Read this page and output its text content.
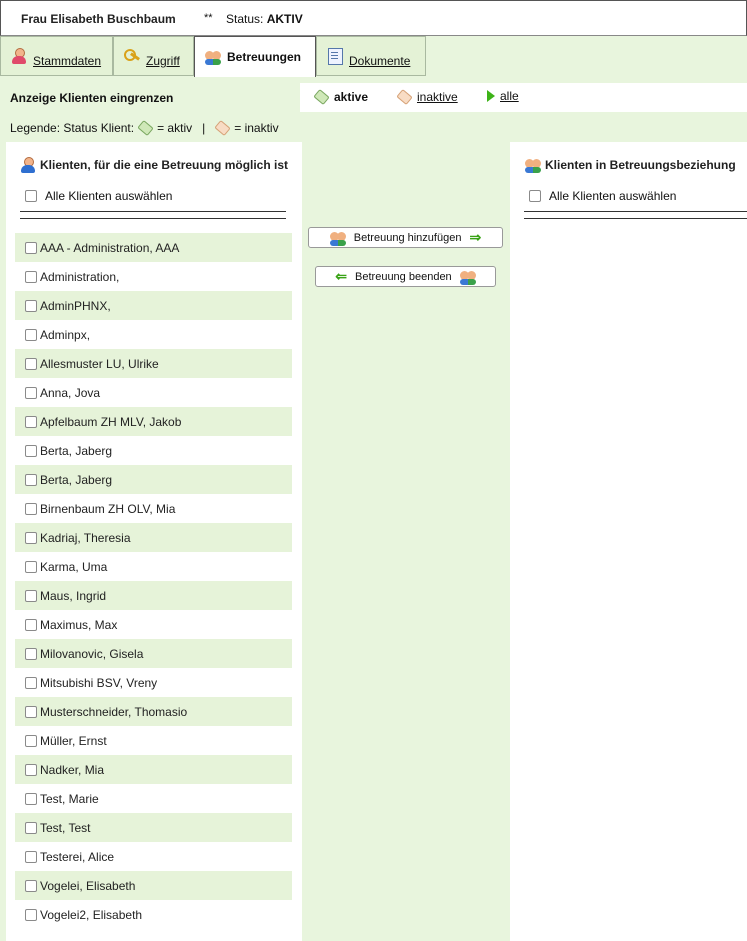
Frau Elisabeth Buschbaum	** Status: AKTIV
Stammdaten	Zugriff	Betreuungen	Dokumente
Anzeige Klienten eingrenzen	aktive	inaktive	alle
Legende: Status Klient: = aktiv | = inaktiv
Klienten, für die eine Betreuung möglich ist
Alle Klienten auswählen
AAA - Administration, AAA
Administration,
AdminPHNX,
Adminpx,
Allesmuster LU, Ulrike
Anna, Jova
Apfelbaum ZH MLV, Jakob
Berta, Jaberg
Berta, Jaberg
Birnenbaum ZH OLV, Mia
Kadriaj, Theresia
Karma, Uma
Maus, Ingrid
Maximus, Max
Milovanovic, Gisela
Mitsubishi BSV, Vreny
Musterschneider, Thomasio
Müller, Ernst
Nadker, Mia
Test, Marie
Test, Test
Testerei, Alice
Vogelei, Elisabeth
Vogelei2, Elisabeth
Betreuung hinzufügen ⇒
⇐ Betreuung beenden
Klienten in Betreuungsbeziehung
Alle Klienten auswählen
